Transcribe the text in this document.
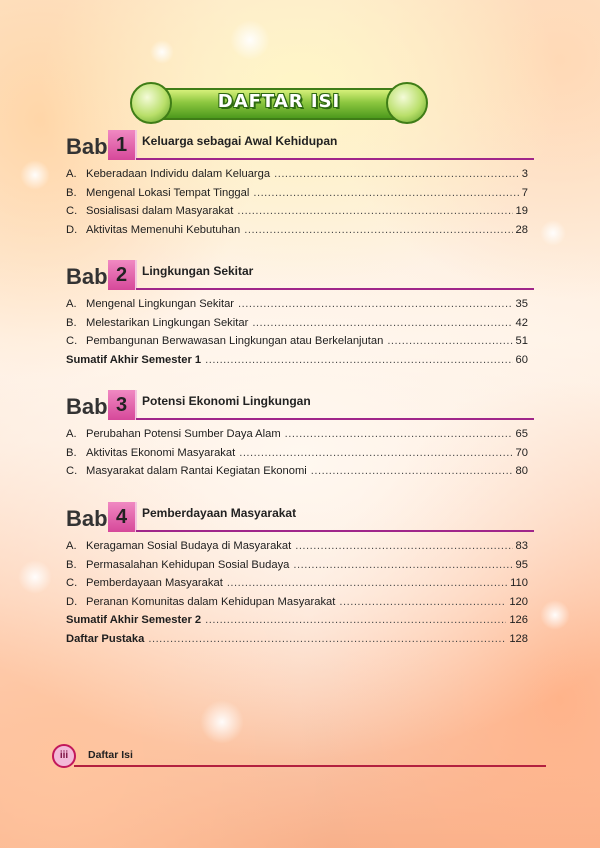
DAFTAR ISI
Bab 1	Keluarga sebagai Awal Kehidupan
A. Keberadaan Individu dalam Keluarga .....	3
B. Mengenal Lokasi Tempat Tinggal .....	7
C. Sosialisasi dalam Masyarakat .....	19
D. Aktivitas Memenuhi Kebutuhan .....	28
Bab 2	Lingkungan Sekitar
A. Mengenal Lingkungan Sekitar .....	35
B. Melestarikan Lingkungan Sekitar .....	42
C. Pembangunan Berwawasan Lingkungan atau Berkelanjutan .....	51
Sumatif Akhir Semester 1 .....	60
Bab 3	Potensi Ekonomi Lingkungan
A. Perubahan Potensi Sumber Daya Alam .....	65
B. Aktivitas Ekonomi Masyarakat .....	70
C. Masyarakat dalam Rantai Kegiatan Ekonomi .....	80
Bab 4	Pemberdayaan Masyarakat
A. Keragaman Sosial Budaya di Masyarakat .....	83
B. Permasalahan Kehidupan Sosial Budaya .....	95
C. Pemberdayaan Masyarakat .....	110
D. Peranan Komunitas dalam Kehidupan Masyarakat .....	120
Sumatif Akhir Semester 2 .....	126
Daftar Pustaka .....	128
iii	Daftar Isi
